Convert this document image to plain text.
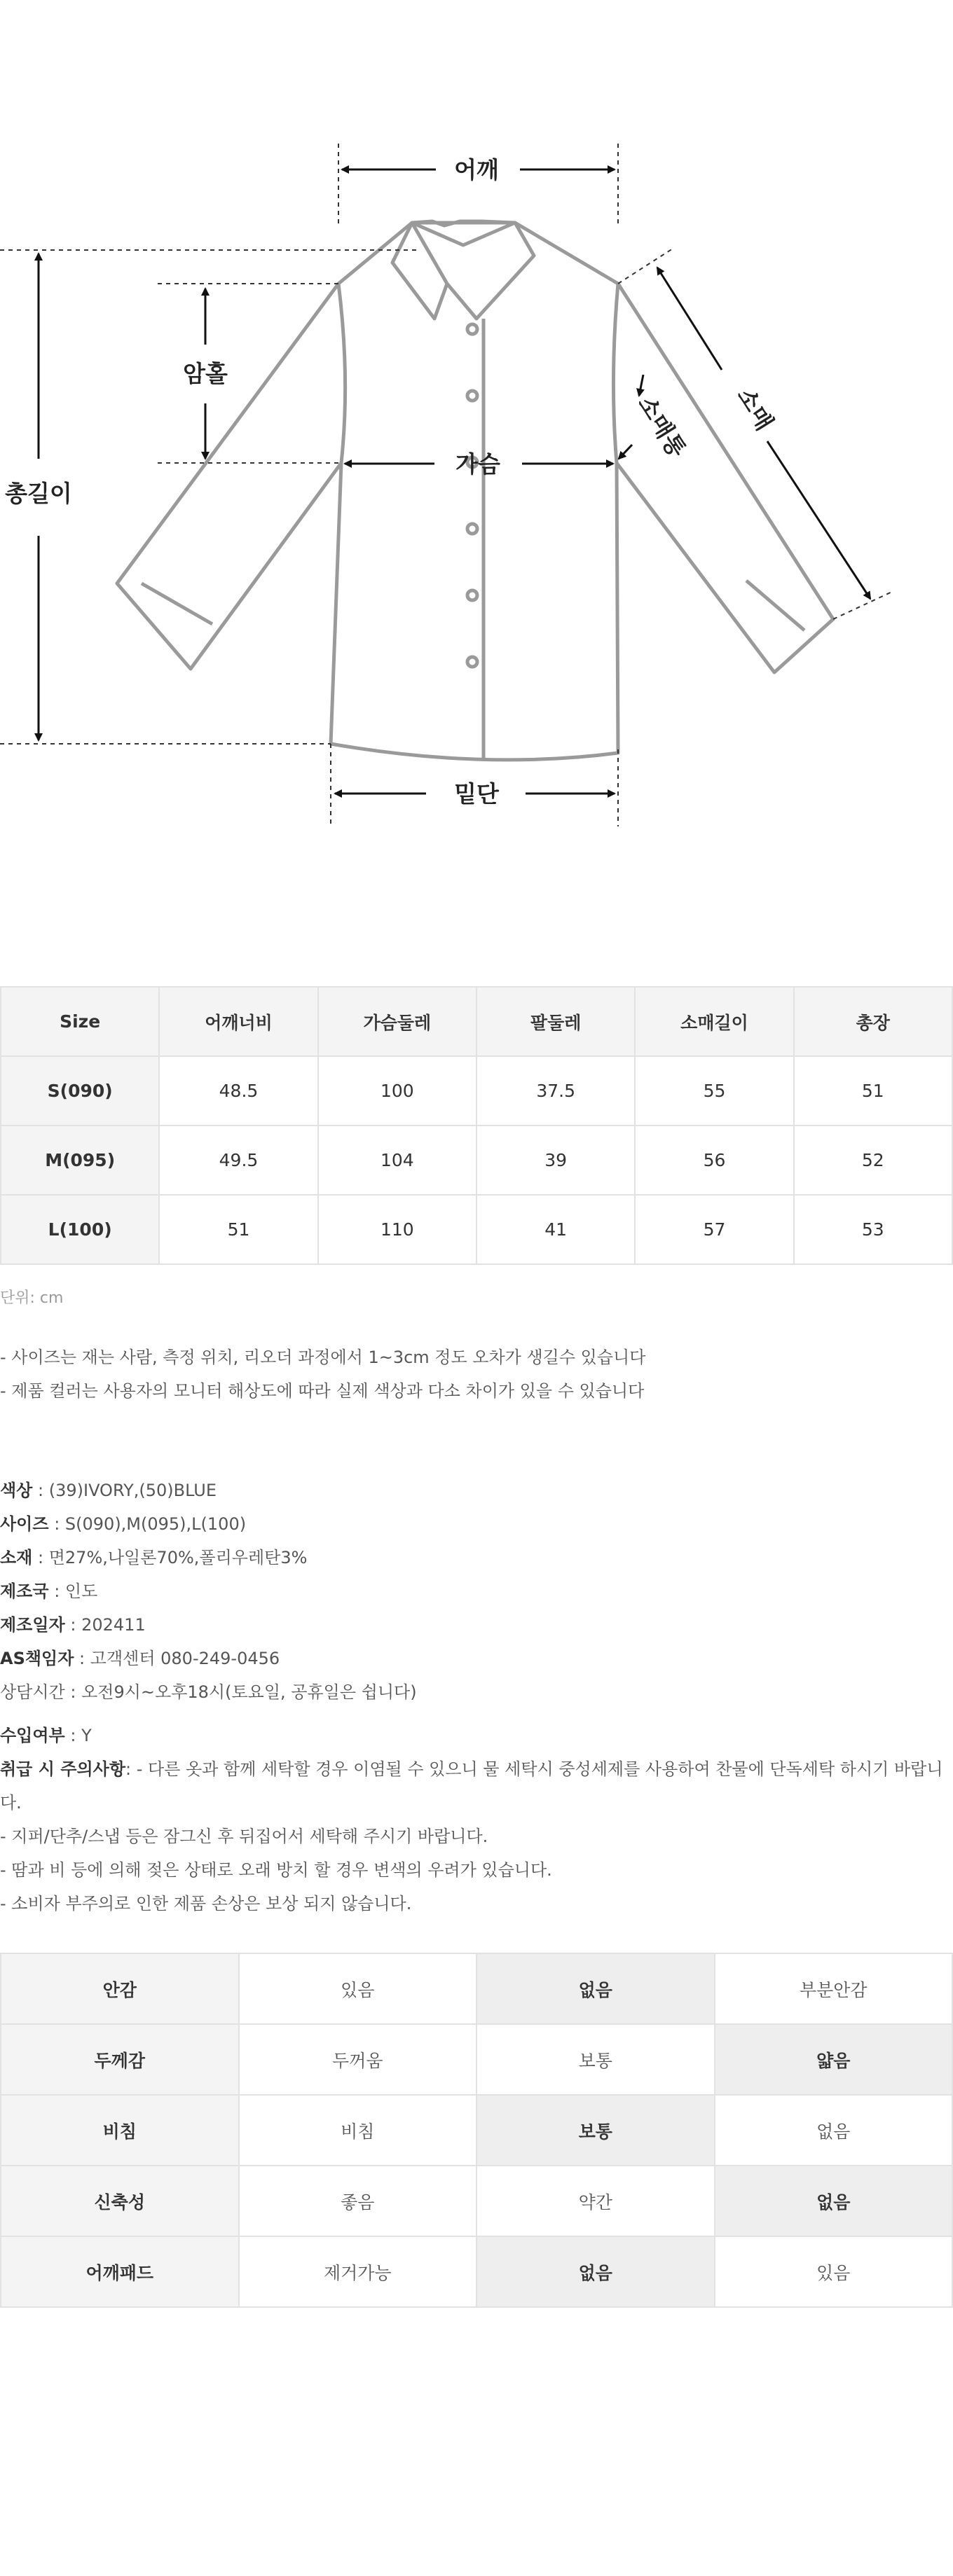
어깨
암홀
가슴
총길이
소매
소매통
밑단
Size	어깨너비	가슴둘레	팔둘레	소매길이	총장
S(090)	48.5	100	37.5	55	51
M(095)	49.5	104	39	56	52
L(100)	51	110	41	57	53
단위: cm
- 사이즈는 재는 사람, 측정 위치, 리오더 과정에서 1~3cm 정도 오차가 생길수 있습니다
- 제품 컬러는 사용자의 모니터 해상도에 따라 실제 색상과 다소 차이가 있을 수 있습니다
색상 : (39)IVORY,(50)BLUE
사이즈 : S(090),M(095),L(100)
소재 : 면27%,나일론70%,폴리우레탄3%
제조국 : 인도
제조일자 : 202411
AS책임자 : 고객센터 080-249-0456
상담시간 : 오전9시~오후18시(토요일, 공휴일은 쉽니다)
수입여부 : Y
취급 시 주의사항: - 다른 옷과 함께 세탁할 경우 이염될 수 있으니 물 세탁시 중성세제를 사용하여 찬물에 단독세탁 하시기 바랍니다.
- 지퍼/단추/스냅 등은 잠그신 후 뒤집어서 세탁해 주시기 바랍니다.
- 땀과 비 등에 의해 젖은 상태로 오래 방치 할 경우 변색의 우려가 있습니다.
- 소비자 부주의로 인한 제품 손상은 보상 되지 않습니다.
안감	있음	없음	부분안감
두께감	두꺼움	보통	얇음
비침	비침	보통	없음
신축성	좋음	약간	없음
어깨패드	제거가능	없음	있음
